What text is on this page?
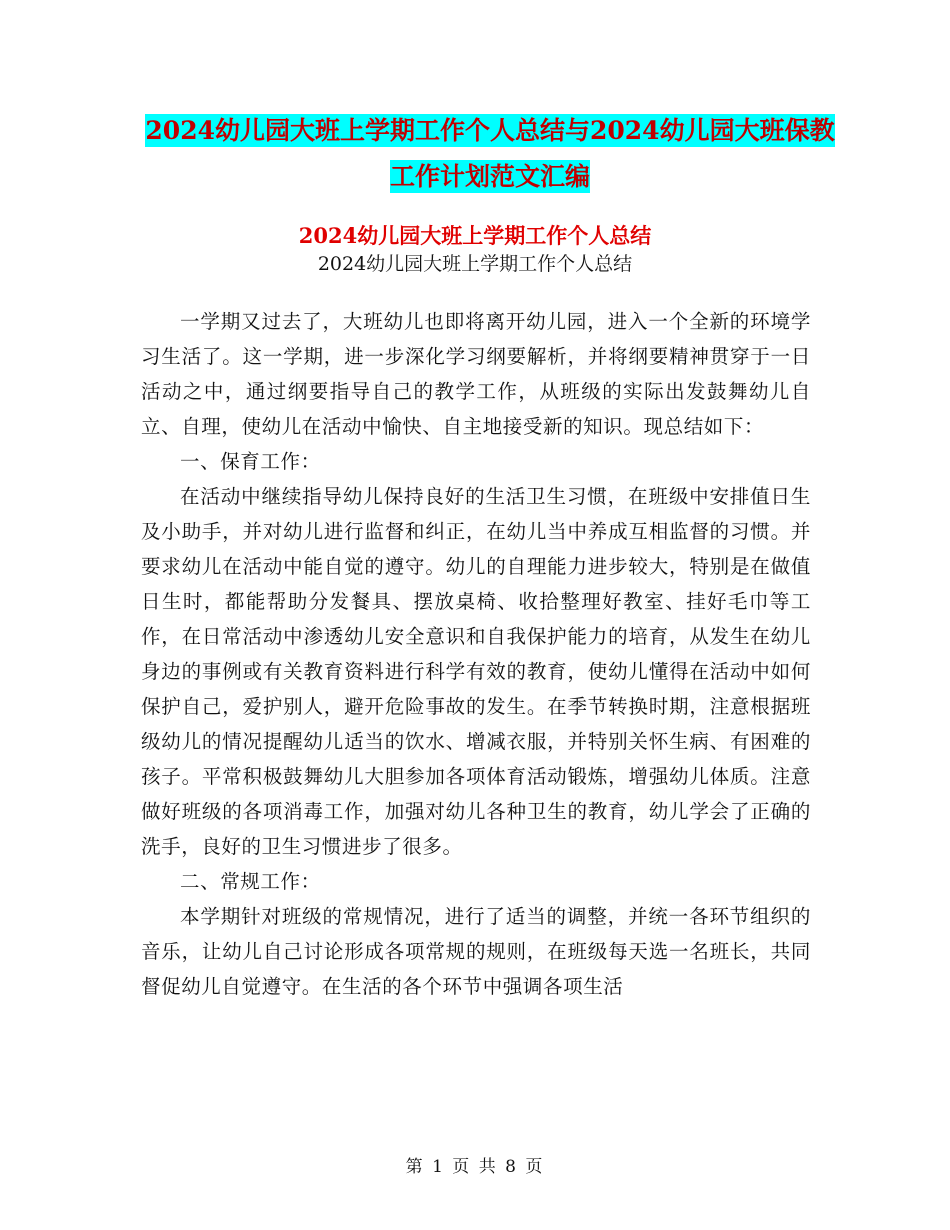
2024幼儿园大班上学期工作个人总结与2024幼儿园大班保教工作计划范文汇编
2024幼儿园大班上学期工作个人总结
2024幼儿园大班上学期工作个人总结

一学期又过去了，大班幼儿也即将离开幼儿园，进入一个全新的环境学习生活了。这一学期，进一步深化学习纲要解析，并将纲要精神贯穿于一日活动之中，通过纲要指导自己的教学工作，从班级的实际出发鼓舞幼儿自立、自理，使幼儿在活动中愉快、自主地接受新的知识。现总结如下：

一、保育工作：

在活动中继续指导幼儿保持良好的生活卫生习惯，在班级中安排值日生及小助手，并对幼儿进行监督和纠正，在幼儿当中养成互相监督的习惯。并要求幼儿在活动中能自觉的遵守。幼儿的自理能力进步较大，特别是在做值日生时，都能帮助分发餐具、摆放桌椅、收拾整理好教室、挂好毛巾等工作，在日常活动中渗透幼儿安全意识和自我保护能力的培育，从发生在幼儿身边的事例或有关教育资料进行科学有效的教育，使幼儿懂得在活动中如何保护自己，爱护别人，避开危险事故的发生。在季节转换时期，注意根据班级幼儿的情况提醒幼儿适当的饮水、增减衣服，并特别关怀生病、有困难的孩子。平常积极鼓舞幼儿大胆参加各项体育活动锻炼，增强幼儿体质。注意做好班级的各项消毒工作，加强对幼儿各种卫生的教育，幼儿学会了正确的洗手，良好的卫生习惯进步了很多。

二、常规工作：

本学期针对班级的常规情况，进行了适当的调整，并统一各环节组织的音乐，让幼儿自己讨论形成各项常规的规则，在班级每天选一名班长，共同督促幼儿自觉遵守。在生活的各个环节中强调各项生活

第 1 页 共 8 页
